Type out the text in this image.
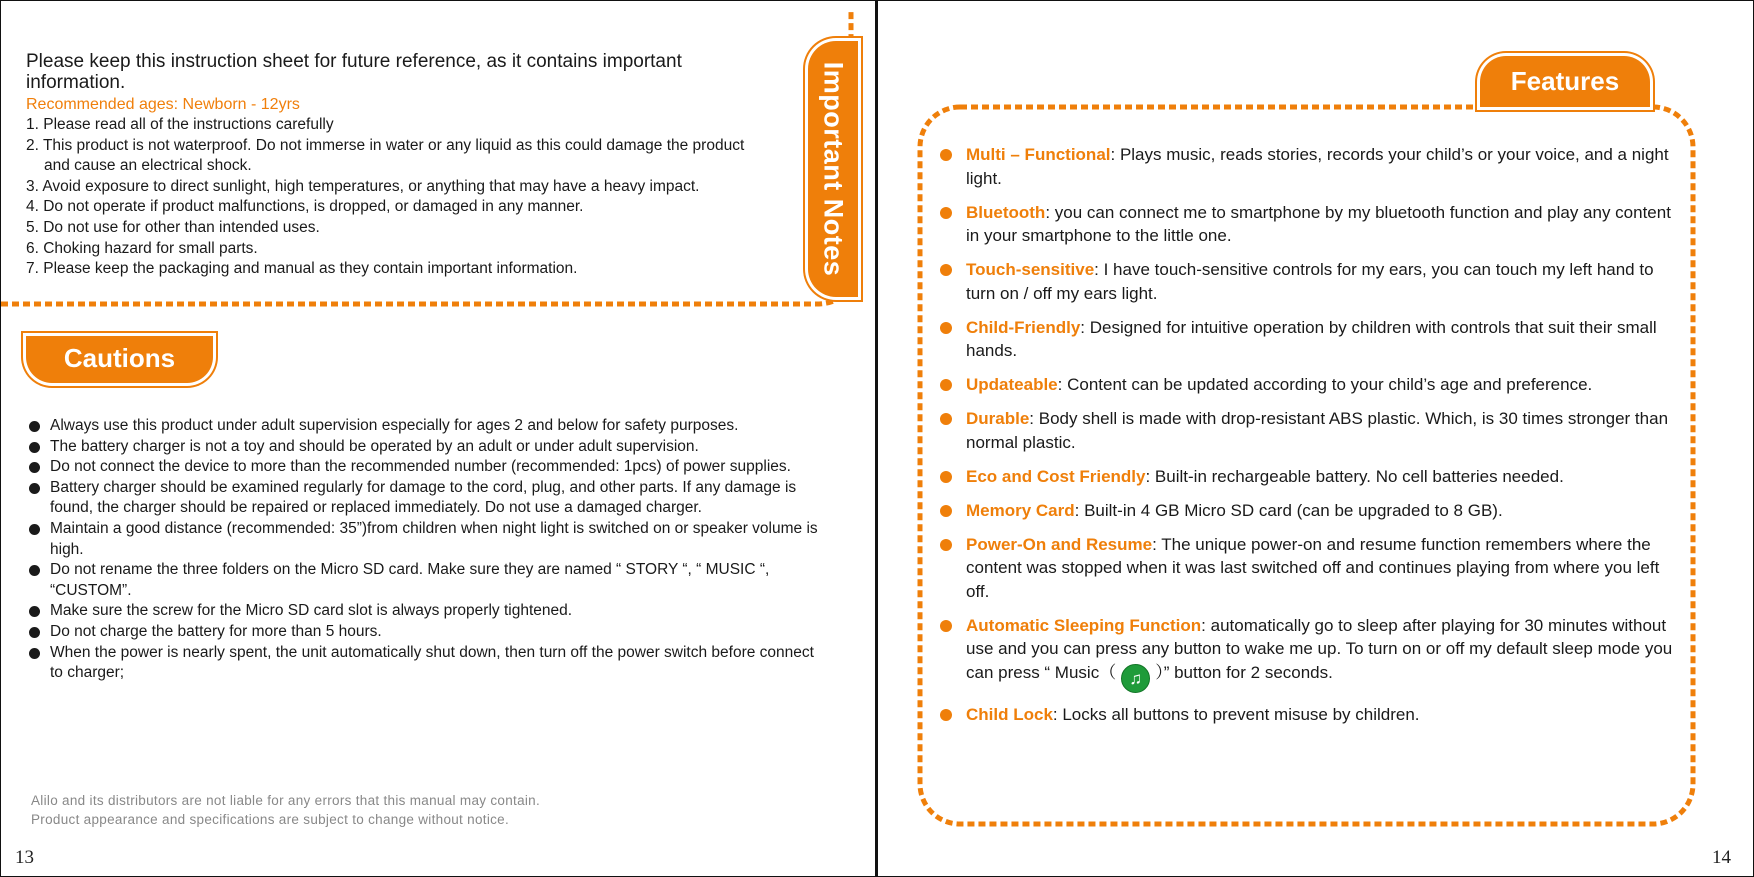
Please keep this instruction sheet for future reference, as it contains important information.

Recommended ages: Newborn - 12yrs
1. Please read all of the instructions carefully
2. This product is not waterproof. Do not immerse in water or any liquid as this could damage the product and cause an electrical shock.
3. Avoid exposure to direct sunlight, high temperatures, or anything that may have a heavy impact.
4. Do not operate if product malfunctions, is dropped, or damaged in any manner.
5. Do not use for other than intended uses.
6. Choking hazard for small parts.
7. Please keep the packaging and manual as they contain important information.	Important Notes
Cautions
Always use this product under adult supervision especially for ages 2 and below for safety purposes.
The battery charger is not a toy and should be operated by an adult or under adult supervision.
Do not connect the device to more than the recommended number (recommended: 1pcs) of power supplies.
Battery charger should be examined regularly for damage to the cord, plug, and other parts. If any damage is found, the charger should be repaired or replaced immediately. Do not use a damaged charger.
Maintain a good distance (recommended: 35”)from children when night light is switched on or speaker volume is high.
Do not rename the three folders on the Micro SD card. Make sure they are named “ STORY “, “ MUSIC “, “CUSTOM”.
Make sure the screw for the Micro SD card slot is always properly tightened.
Do not charge the battery for more than 5 hours.
When the power is nearly spent, the unit automatically shut down, then turn off the power switch before connect to charger;
Alilo and its distributors are not liable for any errors that this manual may contain.
Product appearance and specifications are subject to change without notice.
13	14
Features
Multi – Functional: Plays music, reads stories, records your child’s or your voice, and a night light.
Bluetooth: you can connect me to smartphone by my bluetooth function and play any content in your smartphone to the little one.
Touch-sensitive: I have touch-sensitive controls for my ears, you can touch my left hand to turn on / off my ears light.
Child-Friendly: Designed for intuitive operation by children with controls that suit their small hands.
Updateable: Content can be updated according to your child’s age and preference.
Durable: Body shell is made with drop-resistant ABS plastic. Which, is 30 times stronger than normal plastic.
Eco and Cost Friendly: Built-in rechargeable battery. No cell batteries needed.
Memory Card: Built-in 4 GB Micro SD card (can be upgraded to 8 GB).
Power-On and Resume: The unique power-on and resume function remembers where the content was stopped when it was last switched off and continues playing from where you left off.
Automatic Sleeping Function: automatically go to sleep after playing for 30 minutes without use and you can press any button to wake me up. To turn on or off my default sleep mode you can press “ Music（ ♫ ）” button for 2 seconds.
Child Lock: Locks all buttons to prevent misuse by children.
